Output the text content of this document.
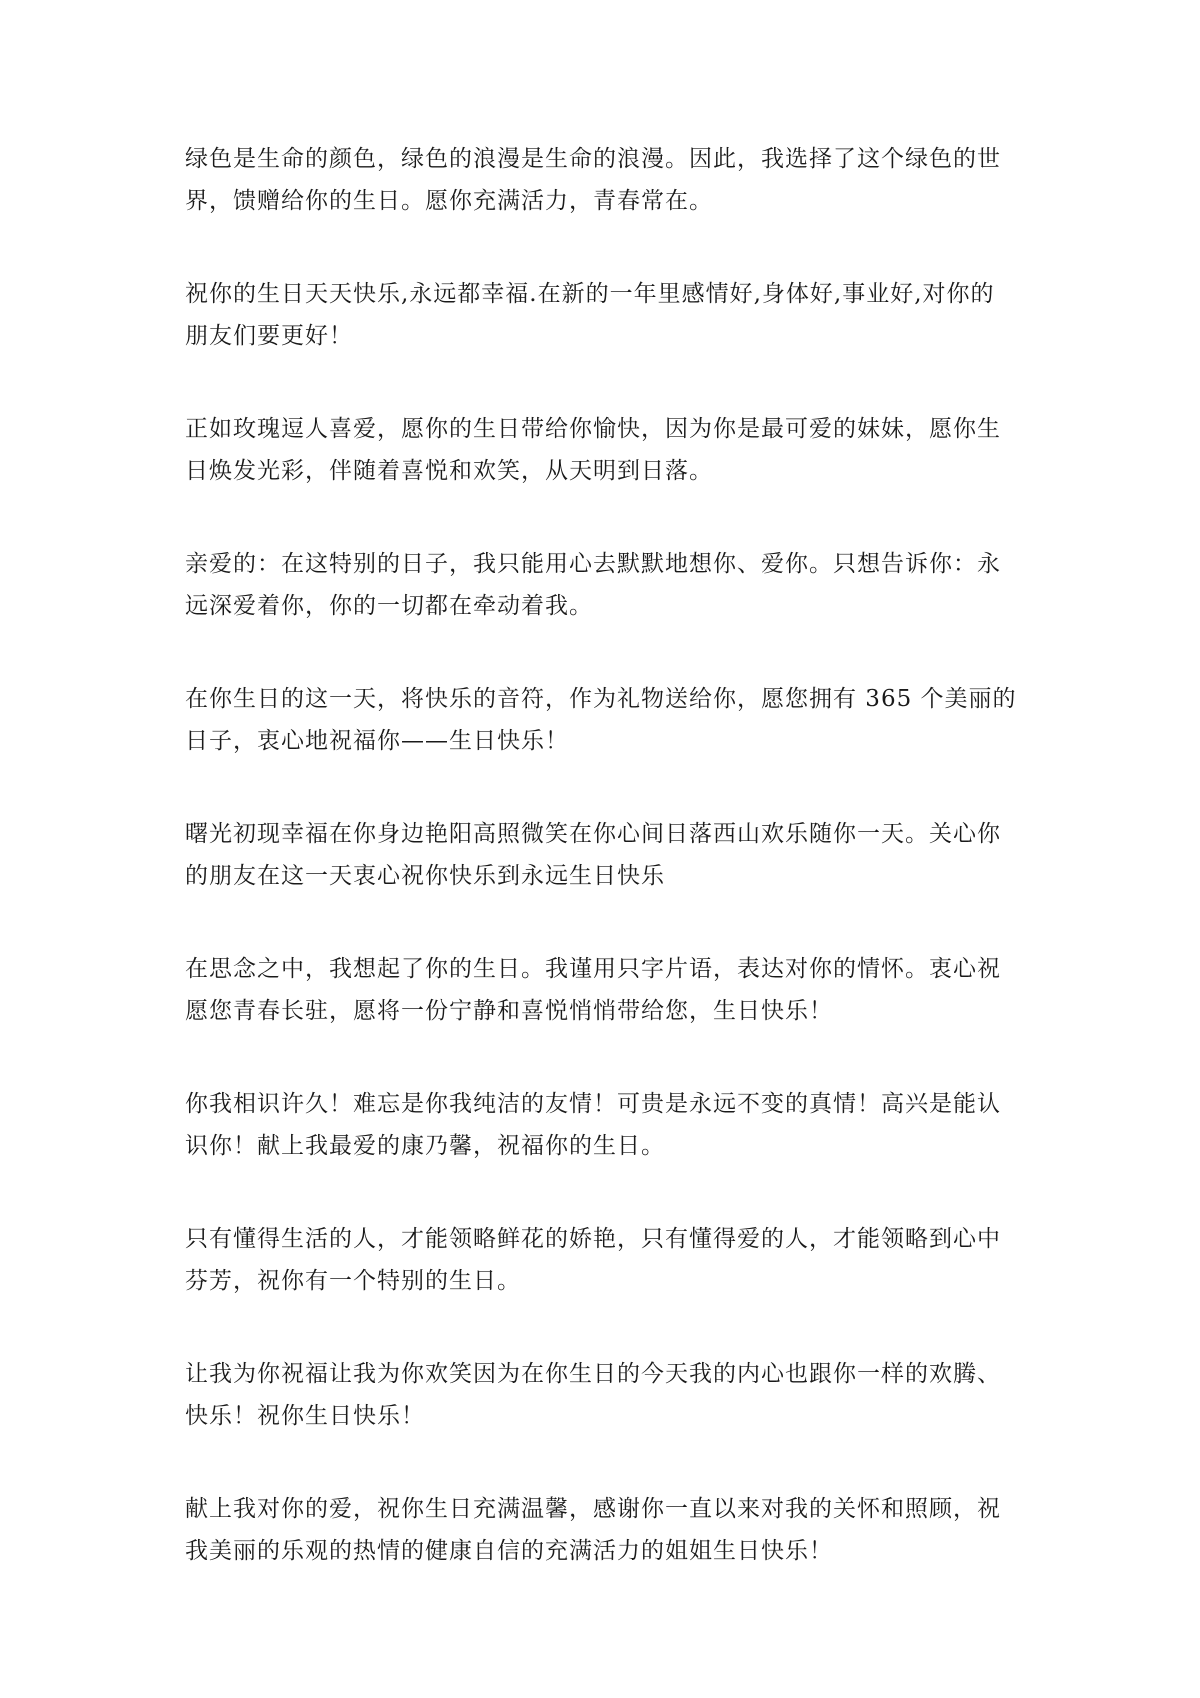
绿色是生命的颜色，绿色的浪漫是生命的浪漫。因此，我选择了这个绿色的世
界，馈赠给你的生日。愿你充满活力，青春常在。

祝你的生日天天快乐,永远都幸福.在新的一年里感情好,身体好,事业好,对你的
朋友们要更好！

正如玫瑰逗人喜爱，愿你的生日带给你愉快，因为你是最可爱的妹妹，愿你生
日焕发光彩，伴随着喜悦和欢笑，从天明到日落。

亲爱的：在这特别的日子，我只能用心去默默地想你、爱你。只想告诉你：永
远深爱着你，你的一切都在牵动着我。

在你生日的这一天，将快乐的音符，作为礼物送给你，愿您拥有 365 个美丽的
日子，衷心地祝福你——生日快乐！

曙光初现幸福在你身边艳阳高照微笑在你心间日落西山欢乐随你一天。关心你
的朋友在这一天衷心祝你快乐到永远生日快乐

在思念之中，我想起了你的生日。我谨用只字片语，表达对你的情怀。衷心祝
愿您青春长驻，愿将一份宁静和喜悦悄悄带给您，生日快乐！

你我相识许久！难忘是你我纯洁的友情！可贵是永远不变的真情！高兴是能认
识你！献上我最爱的康乃馨，祝福你的生日。

只有懂得生活的人，才能领略鲜花的娇艳，只有懂得爱的人，才能领略到心中
芬芳，祝你有一个特别的生日。

让我为你祝福让我为你欢笑因为在你生日的今天我的内心也跟你一样的欢腾、
快乐！祝你生日快乐！

献上我对你的爱，祝你生日充满温馨，感谢你一直以来对我的关怀和照顾，祝
我美丽的乐观的热情的健康自信的充满活力的姐姐生日快乐！
